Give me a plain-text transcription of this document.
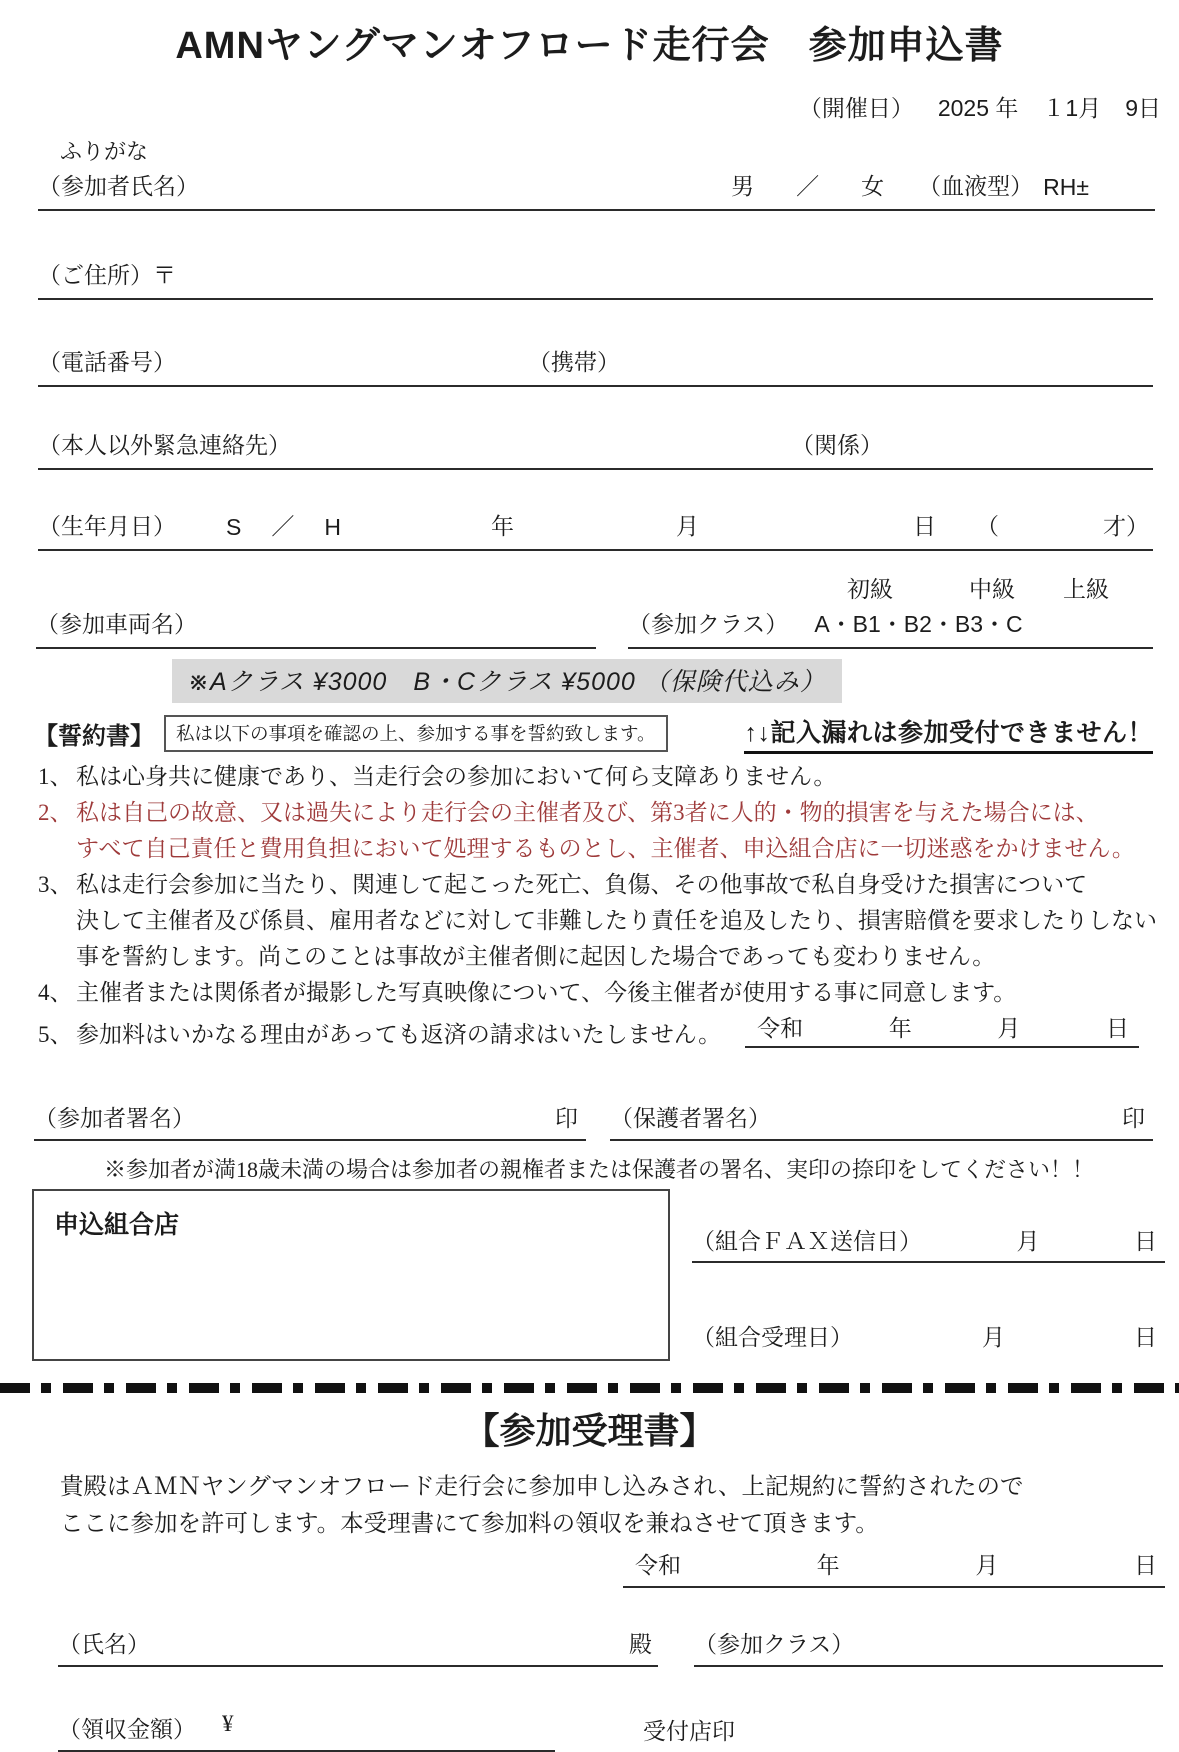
AMNヤングマンオフロード走行会　参加申込書
（開催日） 2025 年 １1月 9日
ふりがな
（参加者氏名）	男 ／ 女 （血液型） RH±
（ご住所）〒
（電話番号）	（携帯）
（本人以外緊急連絡先）	（関係）
（生年月日） S ／ H	年	月	日 （	才）
初級	中級 上級
（参加車両名）	（参加クラス） A・B1・B2・B3・C
※Aクラス ¥3000　B・Cクラス ¥5000 （保険代込み）
【誓約書】	私は以下の事項を確認の上、参加する事を誓約致します。	↑↓記入漏れは参加受付できません！
1、 私は心身共に健康であり、当走行会の参加において何ら支障ありません。
2、 私は自己の故意、又は過失により走行会の主催者及び、第3者に人的・物的損害を与えた場合には、
すべて自己責任と費用負担において処理するものとし、主催者、申込組合店に一切迷惑をかけません。
3、 私は走行会参加に当たり、関連して起こった死亡、負傷、その他事故で私自身受けた損害について
決して主催者及び係員、雇用者などに対して非難したり責任を追及したり、損害賠償を要求したりしない
事を誓約します。尚このことは事故が主催者側に起因した場合であっても変わりません。
4、 主催者または関係者が撮影した写真映像について、今後主催者が使用する事に同意します。
5、 参加料はいかなる理由があっても返済の請求はいたしません。 令和	年	月	日
（参加者署名）	印 （保護者署名）	印
※参加者が満18歳未満の場合は参加者の親権者または保護者の署名、実印の捺印をしてください！！
申込組合店
（組合ＦＡＸ送信日）	月	日
（組合受理日）	月	日
【参加受理書】
貴殿はＡＭＮヤングマンオフロード走行会に参加申し込みされ、上記規約に誓約されたので
ここに参加を許可します。本受理書にて参加料の領収を兼ねさせて頂きます。
令和	年	月	日
（氏名）	殿 （参加クラス）
（領収金額） ¥	受付店印
